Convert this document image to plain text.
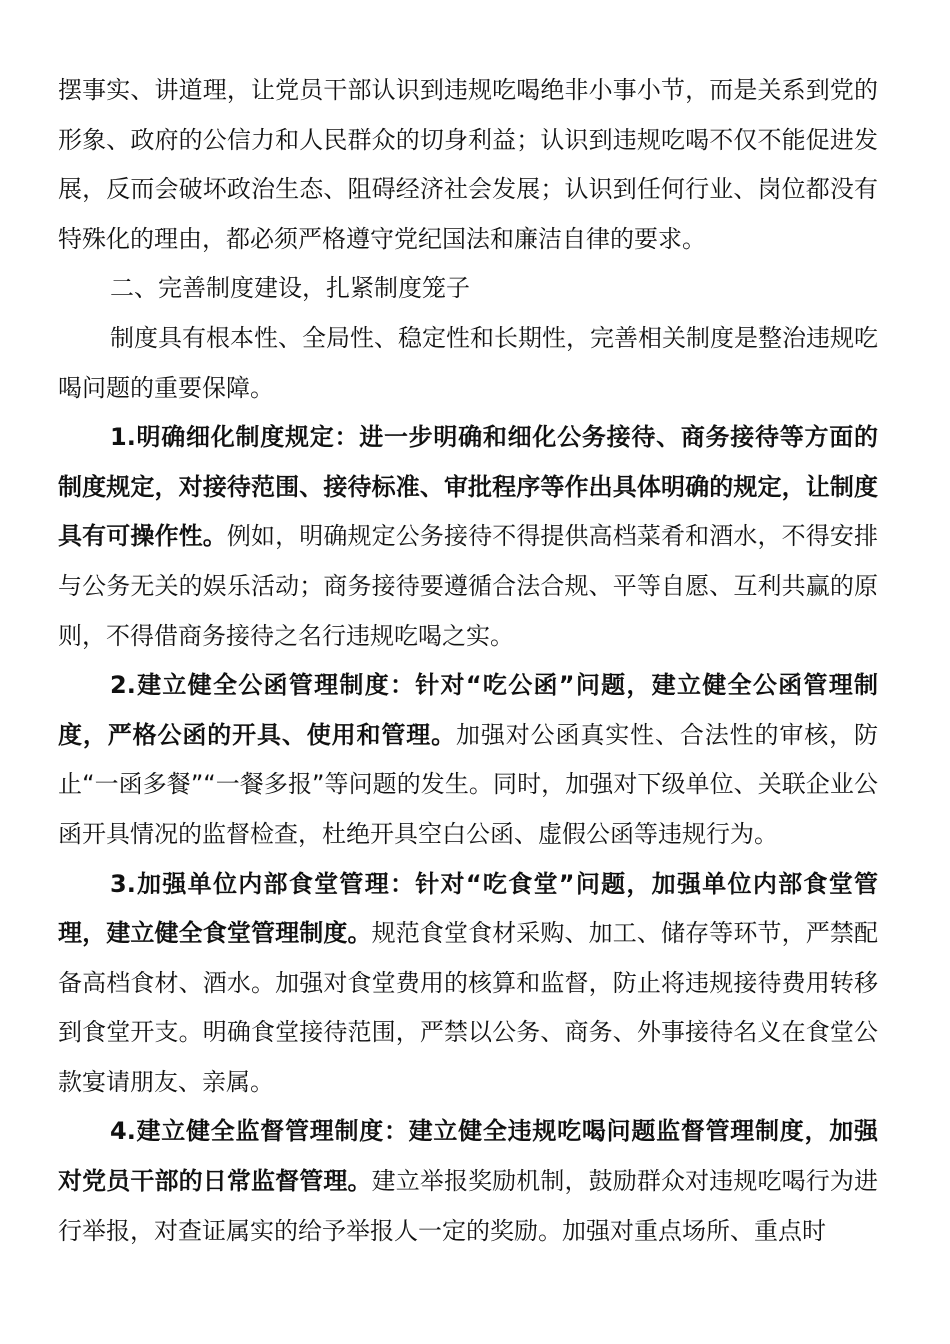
摆事实、讲道理，让党员干部认识到违规吃喝绝非小事小节，而是关系到党的形象、政府的公信力和人民群众的切身利益；认识到违规吃喝不仅不能促进发展，反而会破坏政治生态、阻碍经济社会发展；认识到任何行业、岗位都没有特殊化的理由，都必须严格遵守党纪国法和廉洁自律的要求。

二、完善制度建设，扎紧制度笼子

制度具有根本性、全局性、稳定性和长期性，完善相关制度是整治违规吃喝问题的重要保障。

1.明确细化制度规定：进一步明确和细化公务接待、商务接待等方面的制度规定，对接待范围、接待标准、审批程序等作出具体明确的规定，让制度具有可操作性。例如，明确规定公务接待不得提供高档菜肴和酒水，不得安排与公务无关的娱乐活动；商务接待要遵循合法合规、平等自愿、互利共赢的原则，不得借商务接待之名行违规吃喝之实。

2.建立健全公函管理制度：针对“吃公函”问题，建立健全公函管理制度，严格公函的开具、使用和管理。加强对公函真实性、合法性的审核，防止“一函多餐”“一餐多报”等问题的发生。同时，加强对下级单位、关联企业公函开具情况的监督检查，杜绝开具空白公函、虚假公函等违规行为。

3.加强单位内部食堂管理：针对“吃食堂”问题，加强单位内部食堂管理，建立健全食堂管理制度。规范食堂食材采购、加工、储存等环节，严禁配备高档食材、酒水。加强对食堂费用的核算和监督，防止将违规接待费用转移到食堂开支。明确食堂接待范围，严禁以公务、商务、外事接待名义在食堂公款宴请朋友、亲属。

4.建立健全监督管理制度：建立健全违规吃喝问题监督管理制度，加强对党员干部的日常监督管理。建立举报奖励机制，鼓励群众对违规吃喝行为进行举报，对查证属实的给予举报人一定的奖励。加强对重点场所、重点时
